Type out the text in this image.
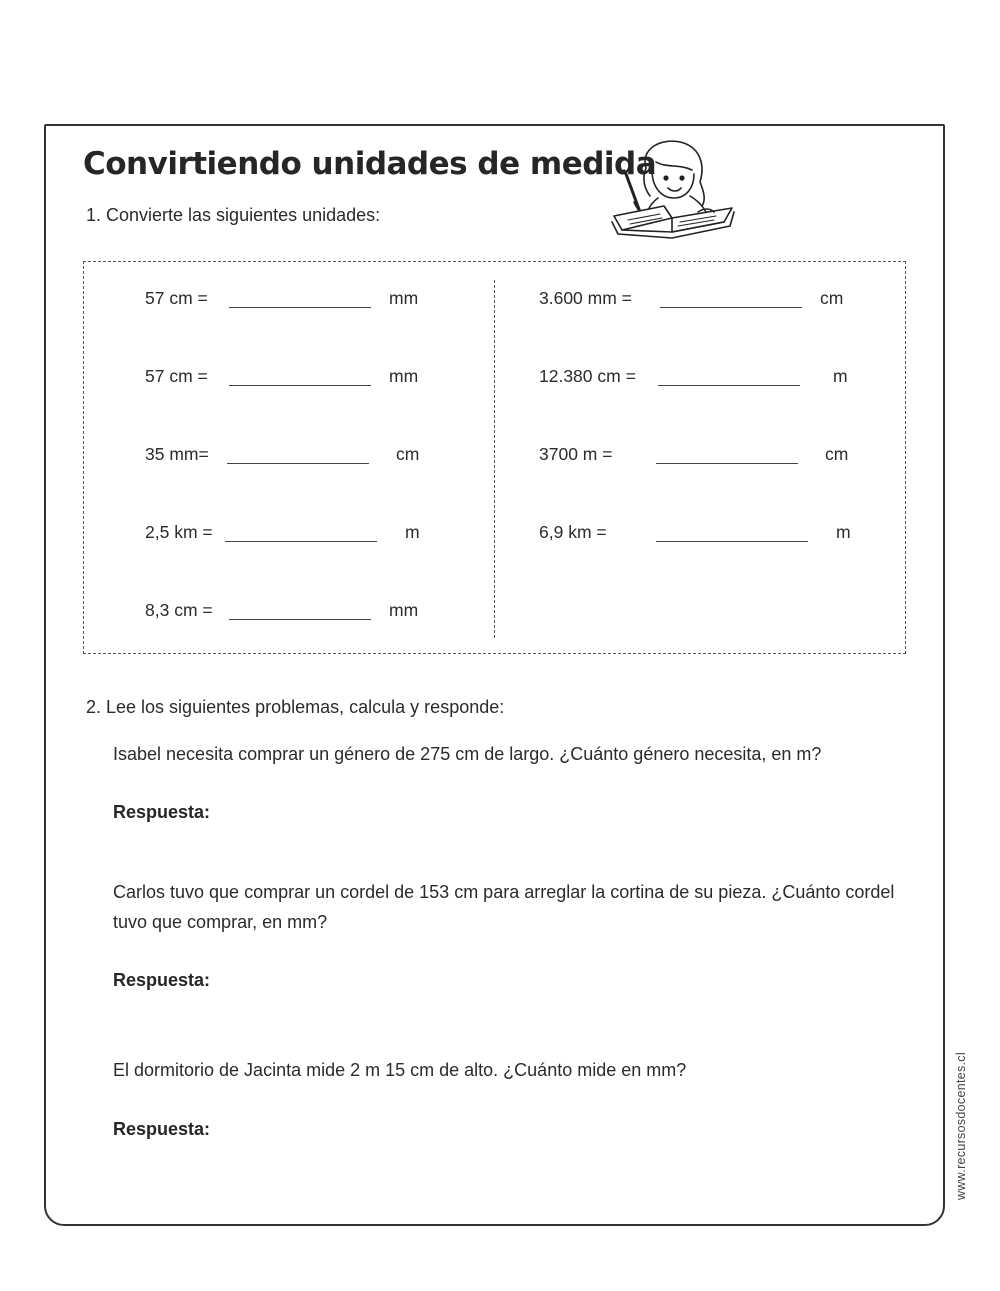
Convirtiendo unidades de medida
1. Convierte las siguientes unidades:
57 cm =	mm
57 cm =	mm
35 mm=	cm
2,5 km =	m
8,3 cm =	mm
3.600 mm =	cm
12.380 cm =	m
3700 m =	cm
6,9 km =	m
2. Lee los siguientes problemas, calcula y responde:
Isabel necesita comprar un género de 275 cm de largo. ¿Cuánto género necesita, en m?
Respuesta:
Carlos tuvo que comprar un cordel de 153 cm para arreglar la cortina de su pieza. ¿Cuánto cordel tuvo que comprar, en mm?
Respuesta:
El dormitorio de Jacinta mide 2 m 15 cm de alto. ¿Cuánto mide en mm?
Respuesta:	www.recursosdocentes.cl
